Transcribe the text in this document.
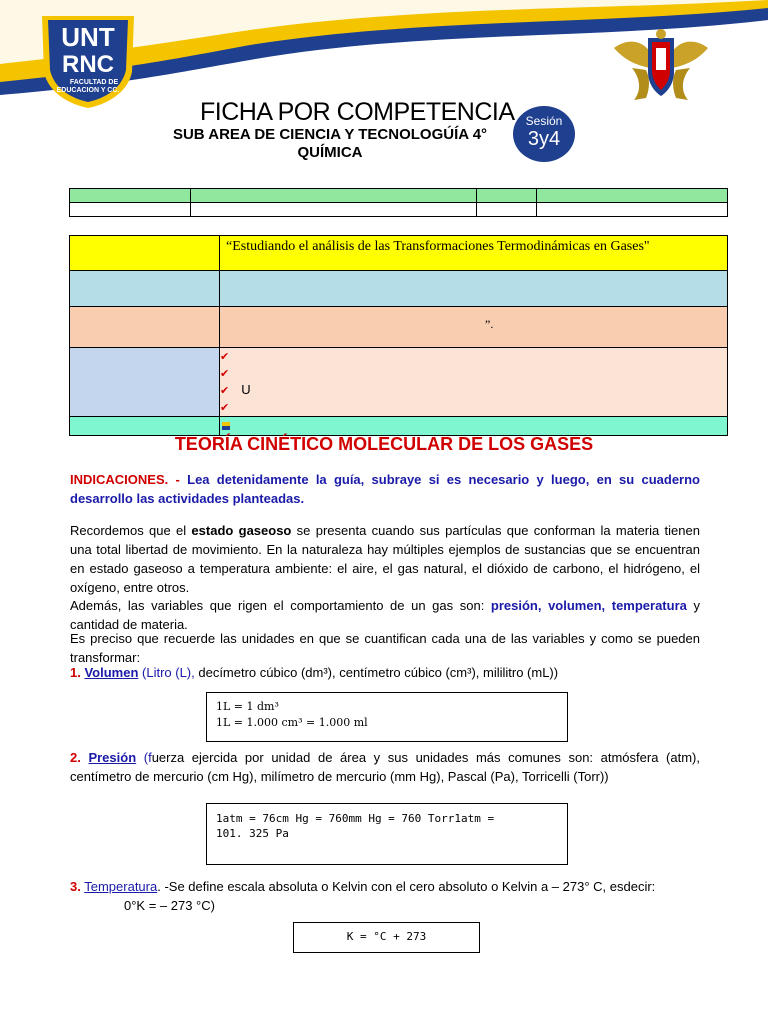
UNT
RNC
FACULTAD DE
EDUCACION Y CC.
FICHA POR COMPETENCIA
SUB AREA DE CIENCIA Y TECNOLOGÚÍA 4°
QUÍMICA
Sesión
3y4

	“Estudiando el análisis de las Transformaciones Termodinámicas en Gases"

	”.

	✔
✔
✔ U
✔

TEORÍA CINÉTICO MOLECULAR DE LOS GASES
INDICACIONES. - Lea detenidamente la guía, subraye si es necesario y luego, en su cuaderno desarrollo las actividades planteadas.
Recordemos que el estado gaseoso se presenta cuando sus partículas que conforman la materia tienen una total libertad de movimiento. En la naturaleza hay múltiples ejemplos de sustancias que se encuentran en estado gaseoso a temperatura ambiente: el aire, el gas natural, el dióxido de carbono, el hidrógeno, el oxígeno, entre otros.
Además, las variables que rigen el comportamiento de un gas son: presión, volumen, temperatura y cantidad de materia.
Es preciso que recuerde las unidades en que se cuantifican cada una de las variables y como se pueden transformar:
1. Volumen (Litro (L), decímetro cúbico (dm³), centímetro cúbico (cm³), mililitro (mL))
1L = 1 dm³
1L = 1.000 cm³ = 1.000 ml
2. Presión (fuerza ejercida por unidad de área y sus unidades más comunes son: atmósfera (atm), centímetro de mercurio (cm Hg), milímetro de mercurio (mm Hg), Pascal (Pa), Torricelli (Torr))
1atm = 76cm Hg = 760mm Hg = 760 Torr1atm =
101. 325 Pa
3. Temperatura. -Se define escala absoluta o Kelvin con el cero absoluto o Kelvin a – 273° C, esdecir:
0°K = – 273 °C)
K = °C + 273
